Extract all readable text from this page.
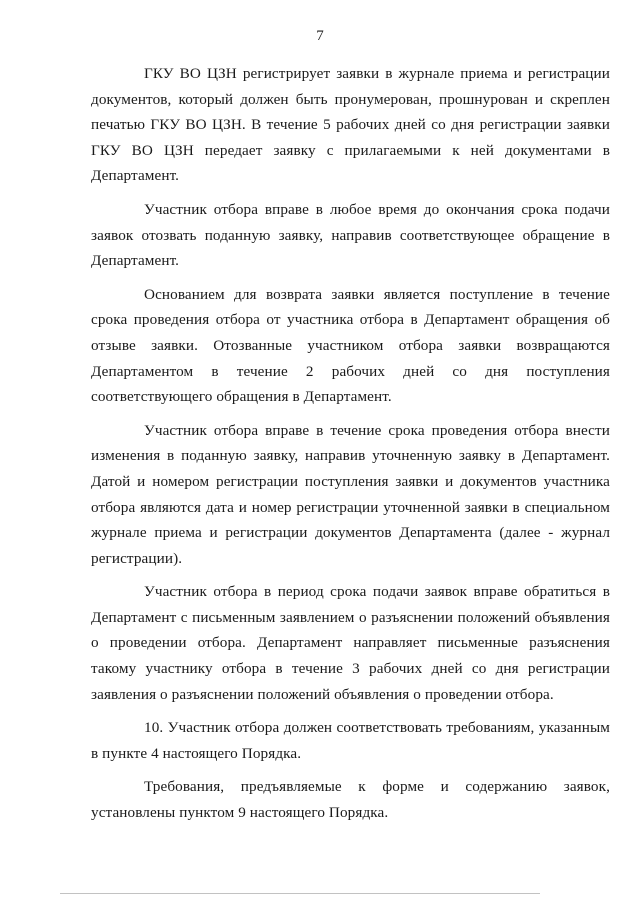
7

ГКУ ВО ЦЗН регистрирует заявки в журнале приема и регистрации документов, который должен быть пронумерован, прошнурован и скреплен печатью ГКУ ВО ЦЗН. В течение 5 рабочих дней со дня регистрации заявки ГКУ ВО ЦЗН передает заявку с прилагаемыми к ней документами в Департамент.

Участник отбора вправе в любое время до окончания срока подачи заявок отозвать поданную заявку, направив соответствующее обращение в Департамент.

Основанием для возврата заявки является поступление в течение срока проведения отбора от участника отбора в Департамент обращения об отзыве заявки. Отозванные участником отбора заявки возвращаются Департаментом в течение 2 рабочих дней со дня поступления соответствующего обращения в Департамент.

Участник отбора вправе в течение срока проведения отбора внести изменения в поданную заявку, направив уточненную заявку в Департамент. Датой и номером регистрации поступления заявки и документов участника отбора являются дата и номер регистрации уточненной заявки в специальном журнале приема и регистрации документов Департамента (далее - журнал регистрации).

Участник отбора в период срока подачи заявок вправе обратиться в Департамент с письменным заявлением о разъяснении положений объявления о проведении отбора. Департамент направляет письменные разъяснения такому участнику отбора в течение 3 рабочих дней со дня регистрации заявления о разъяснении положений объявления о проведении отбора.

10. Участник отбора должен соответствовать требованиям, указанным в пункте 4 настоящего Порядка.

Требования, предъявляемые к форме и содержанию заявок, установлены пунктом 9 настоящего Порядка.
